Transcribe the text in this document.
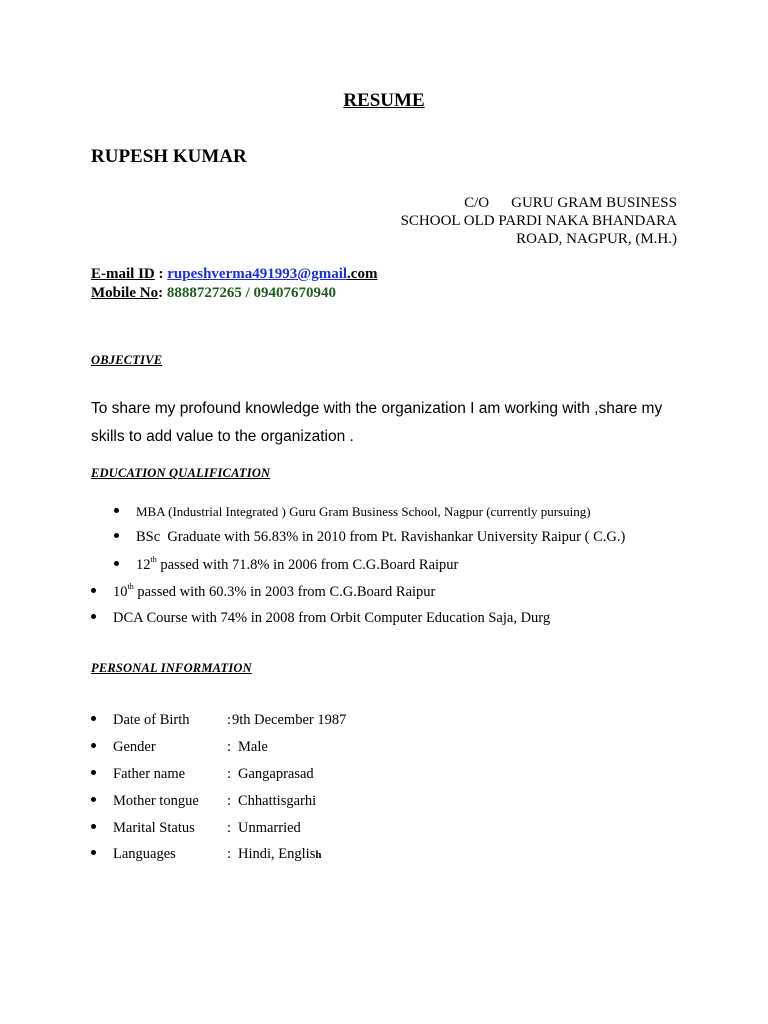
RESUME
RUPESH KUMAR
C/O GURU GRAM BUSINESS
SCHOOL OLD PARDI NAKA BHANDARA
ROAD, NAGPUR, (M.H.)
E-mail ID : rupeshverma491993@gmail.com
Mobile No: 8888727265 / 09407670940
OBJECTIVE
To share my profound knowledge with the organization I am working with ,share my skills to add value to the organization .
EDUCATION QUALIFICATION
MBA (Industrial Integrated ) Guru Gram Business School, Nagpur (currently pursuing)
BSc  Graduate with 56.83% in 2010 from Pt. Ravishankar University Raipur ( C.G.)
12th passed with 71.8% in 2006 from C.G.Board Raipur
10th passed with 60.3% in 2003 from C.G.Board Raipur
DCA Course with 74% in 2008 from Orbit Computer Education Saja, Durg
PERSONAL INFORMATION
Date of Birth	: 9th December 1987
Gender	: Male
Father name	: Gangaprasad
Mother tongue	: Chhattisgarhi
Marital Status	: Unmarried
Languages	: Hindi, English
